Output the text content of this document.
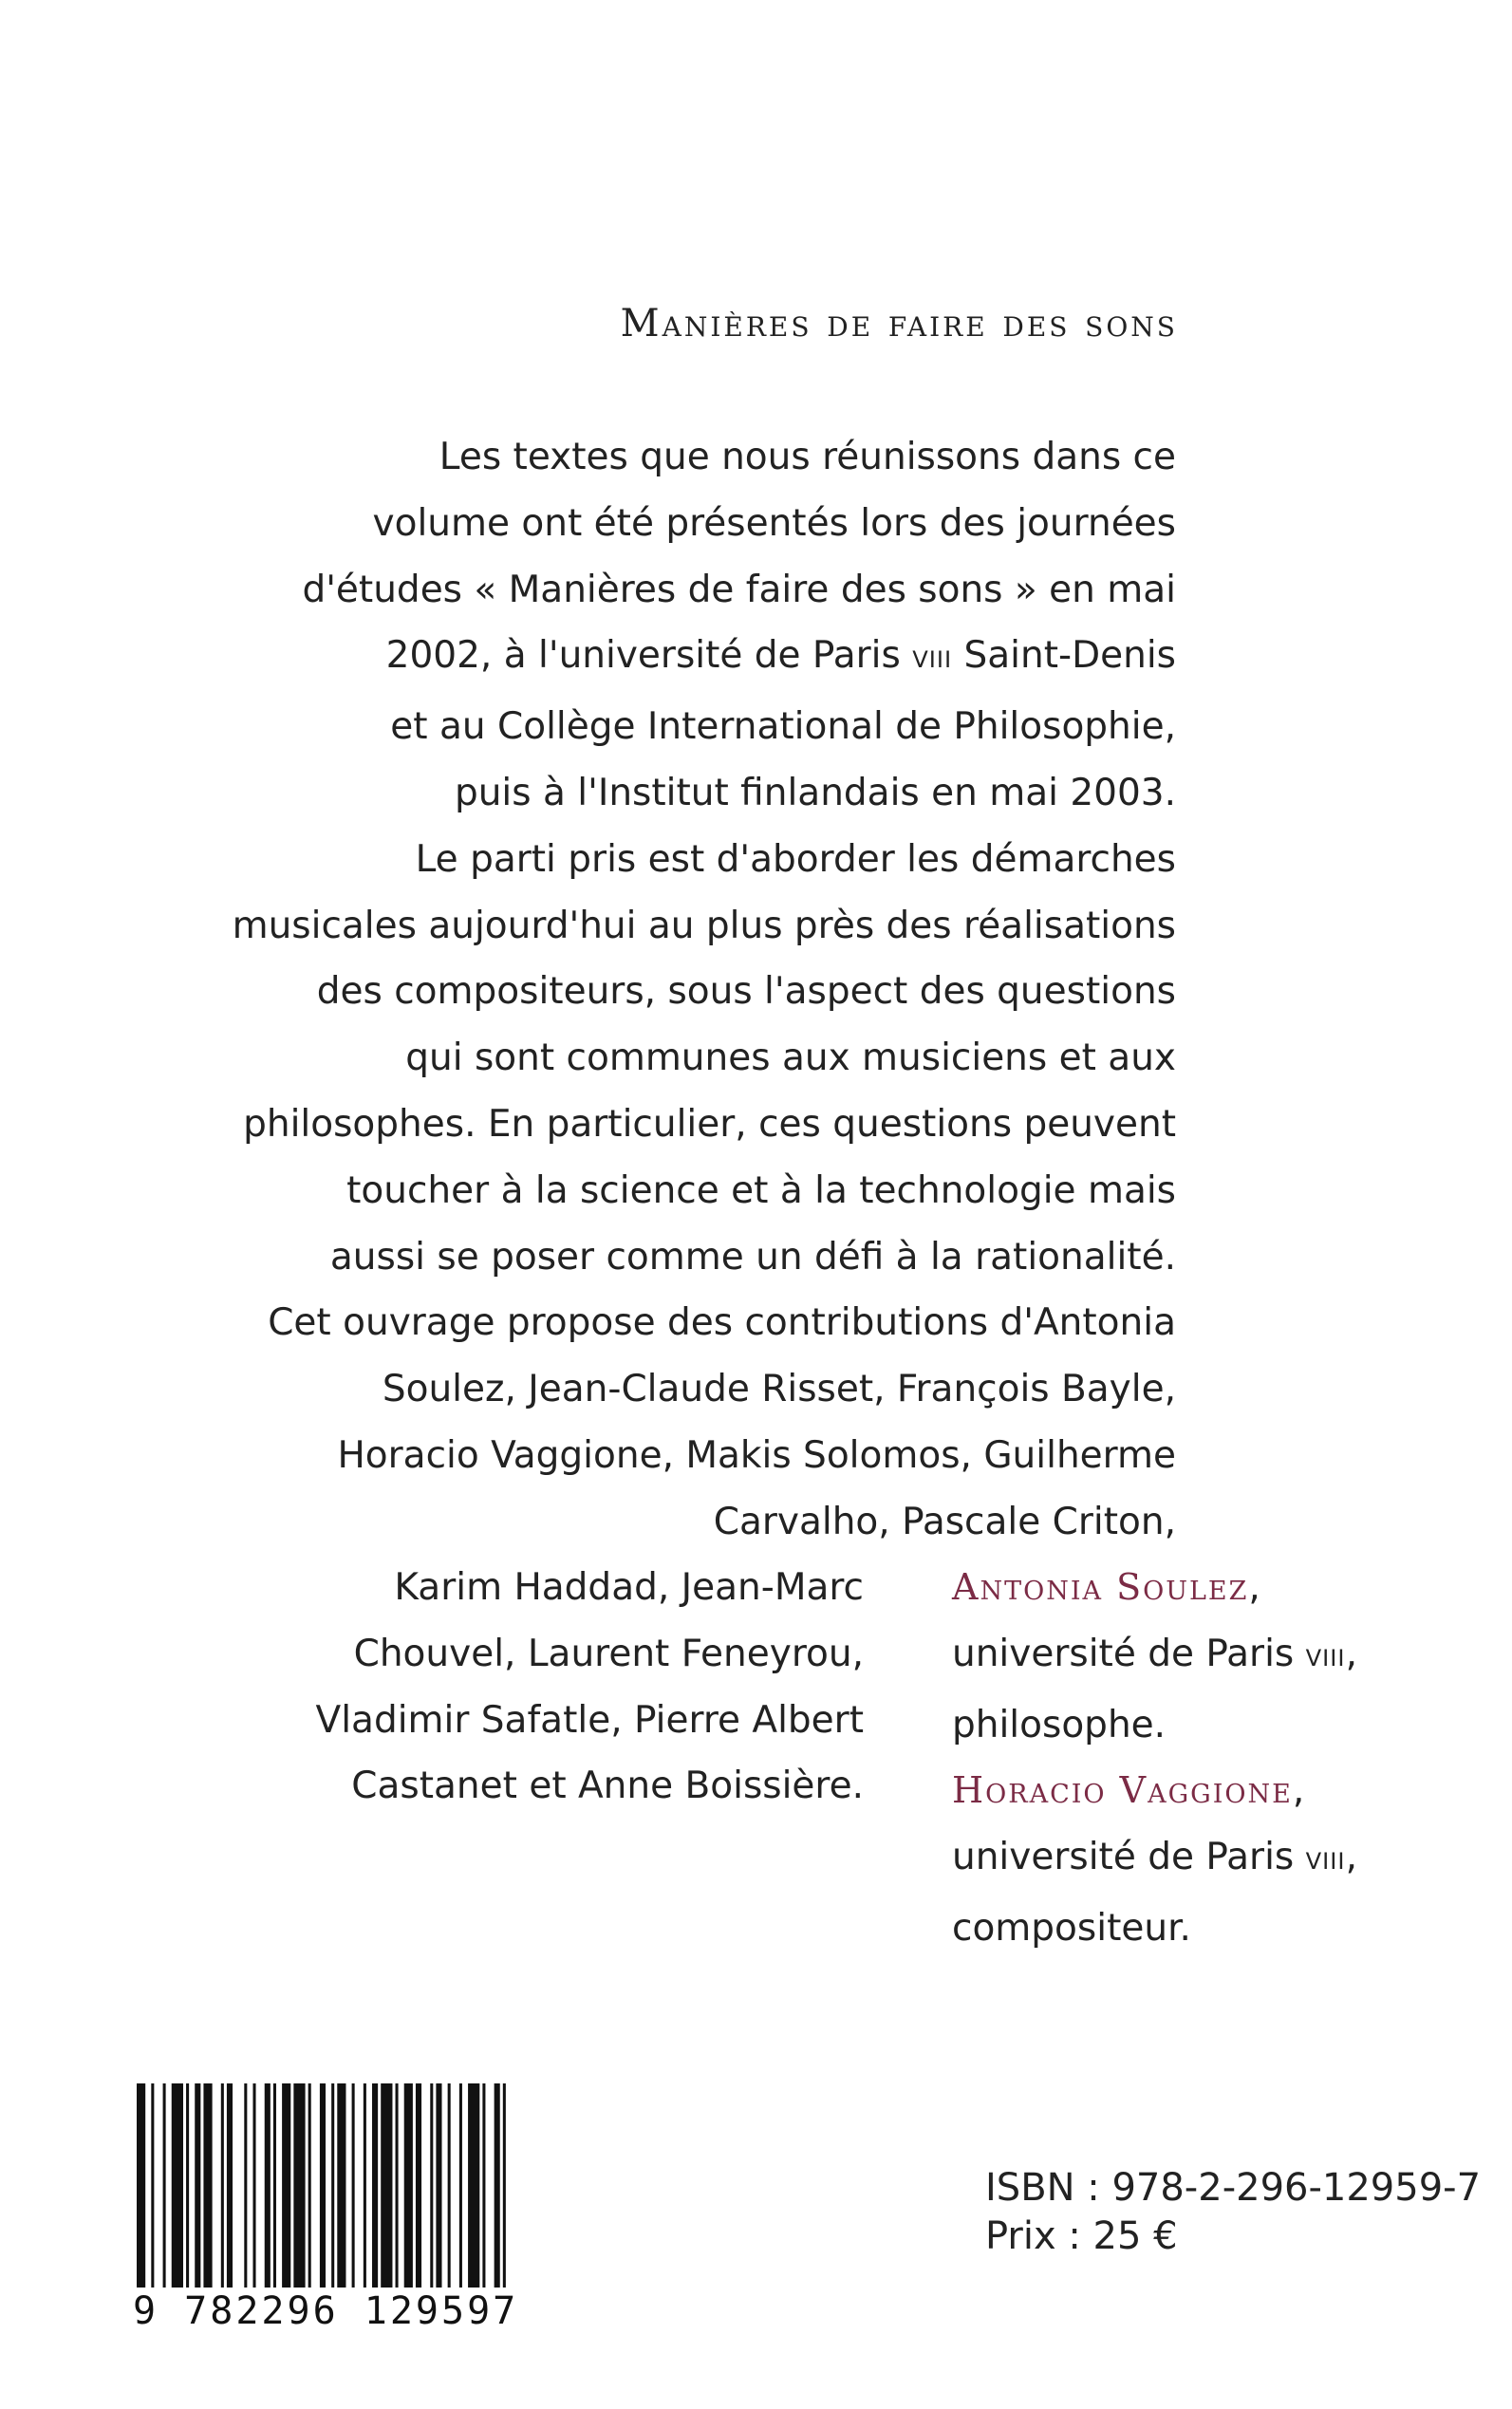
Manières de faire des sons
Les textes que nous réunissons dans ce
volume ont été présentés lors des journées
d'études « Manières de faire des sons » en mai
2002, à l'université de Paris VIII Saint-Denis
et au Collège International de Philosophie,
puis à l'Institut finlandais en mai 2003.
Le parti pris est d'aborder les démarches
musicales aujourd'hui au plus près des réalisations
des compositeurs, sous l'aspect des questions
qui sont communes aux musiciens et aux
philosophes. En particulier, ces questions peuvent
toucher à la science et à la technologie mais
aussi se poser comme un défi à la rationalité.
Cet ouvrage propose des contributions d'Antonia
Soulez, Jean-Claude Risset, François Bayle,
Horacio Vaggione, Makis Solomos, Guilherme
Carvalho, Pascale Criton,
Karim Haddad, Jean-Marc
Chouvel, Laurent Feneyrou,
Vladimir Safatle, Pierre Albert
Castanet et Anne Boissière.
Antonia Soulez,
université de Paris VIII,
philosophe.
Horacio Vaggione,
université de Paris VIII,
compositeur.

9 782296 129597

ISBN : 978-2-296-12959-7

Prix : 25 €
